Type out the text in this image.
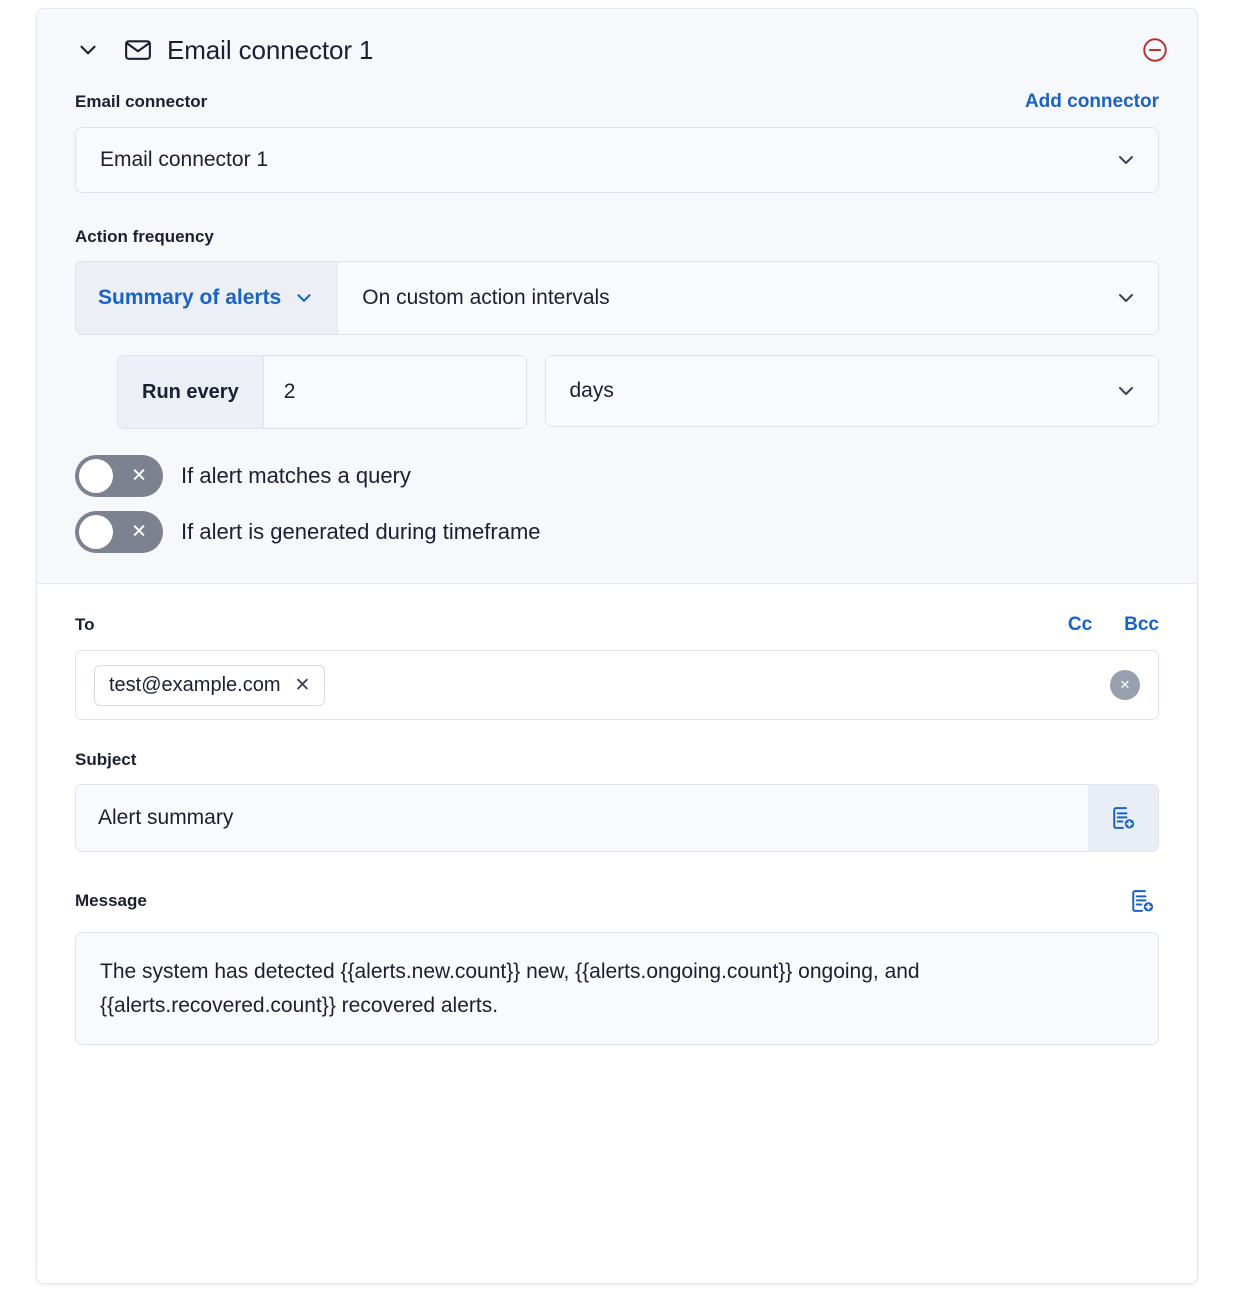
Email connector 1
Email connector	Add connector
Email connector 1
Action frequency
Summary of alerts	On custom action intervals
Run every	2	days
✕ If alert matches a query
✕ If alert is generated during timeframe
To	Cc Bcc
test@example.com ✕	×
Subject
Alert summary
Message
The system has detected {{alerts.new.count}} new, {{alerts.ongoing.count}} ongoing, and {{alerts.recovered.count}} recovered alerts.
